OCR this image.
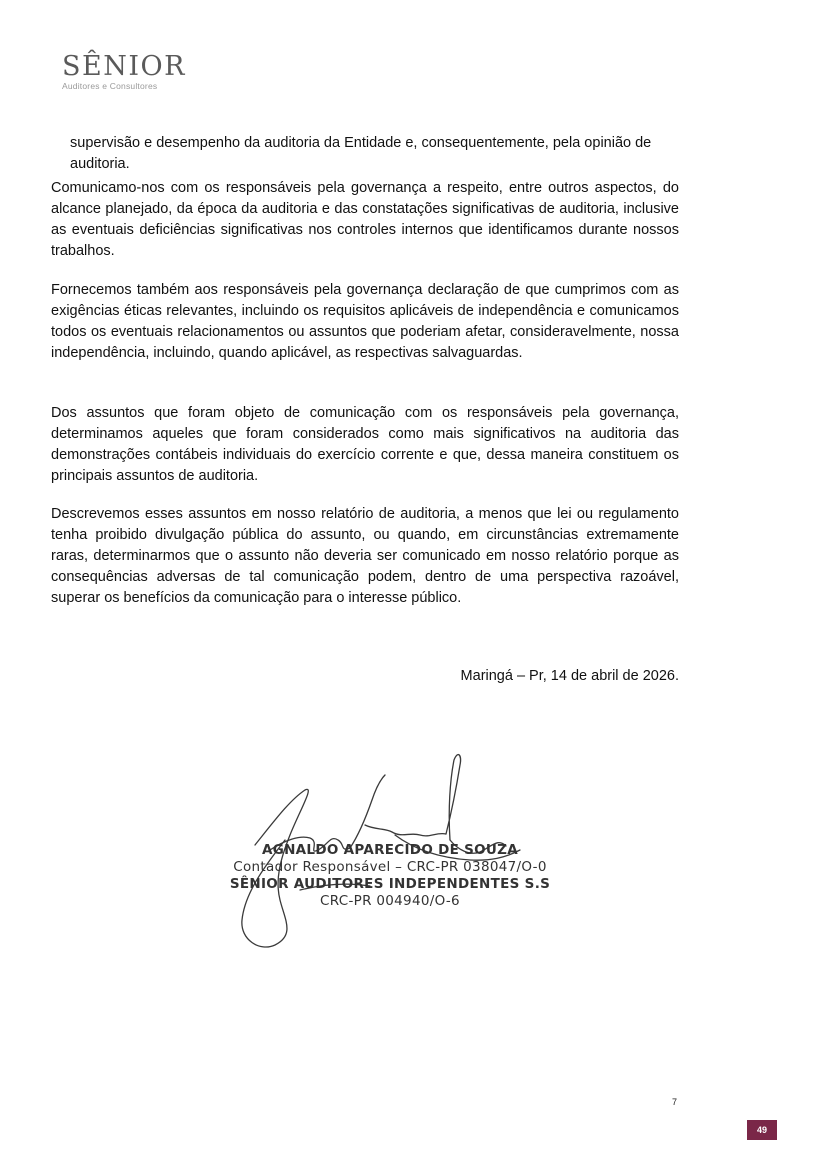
SÊNIOR
Auditores e Consultores

supervisão e desempenho da auditoria da Entidade e, consequentemente, pela opinião de auditoria.

Comunicamo-nos com os responsáveis pela governança a respeito, entre outros aspectos, do alcance planejado, da época da auditoria e das constatações significativas de auditoria, inclusive as eventuais deficiências significativas nos controles internos que identificamos durante nossos trabalhos.

Fornecemos também aos responsáveis pela governança declaração de que cumprimos com as exigências éticas relevantes, incluindo os requisitos aplicáveis de independência e comunicamos todos os eventuais relacionamentos ou assuntos que poderiam afetar, consideravelmente, nossa independência, incluindo, quando aplicável, as respectivas salvaguardas.

Dos assuntos que foram objeto de comunicação com os responsáveis pela governança, determinamos aqueles que foram considerados como mais significativos na auditoria das demonstrações contábeis individuais do exercício corrente e que, dessa maneira constituem os principais assuntos de auditoria.

Descrevemos esses assuntos em nosso relatório de auditoria, a menos que lei ou regulamento tenha proibido divulgação pública do assunto, ou quando, em circunstâncias extremamente raras, determinarmos que o assunto não deveria ser comunicado em nosso relatório porque as consequências adversas de tal comunicação podem, dentro de uma perspectiva razoável, superar os benefícios da comunicação para o interesse público.

Maringá – Pr, 14 de abril de 2026.
AGNALDO APARECIDO DE SOUZA
Contador Responsável – CRC-PR 038047/O-0
SÊNIOR AUDITORES INDEPENDENTES S.S
CRC-PR 004940/O-6
7
49
